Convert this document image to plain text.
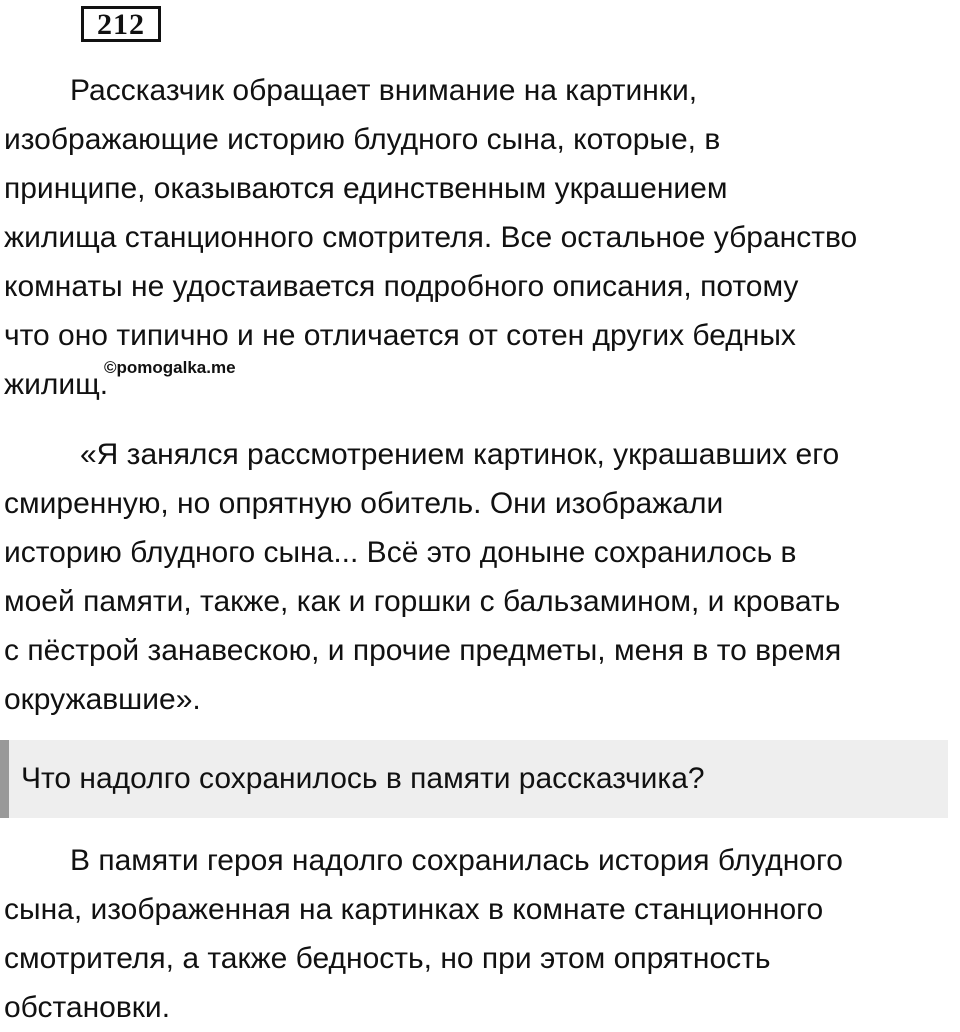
212
Рассказчик обращает внимание на картинки,
изображающие историю блудного сына, которые, в
принципе, оказываются единственным украшением
жилища станционного смотрителя. Все остальное убранство
комнаты не удостаивается подробного описания, потому
что оно типично и не отличается от сотен других бедных
жилищ.
©pomogalka.me
«Я занялся рассмотрением картинок, украшавших его
смиренную, но опрятную обитель. Они изображали
историю блудного сына... Всё это доныне сохранилось в
моей памяти, также, как и горшки с бальзамином, и кровать
с пёстрой занавескою, и прочие предметы, меня в то время
окружавшие».
Что надолго сохранилось в памяти рассказчика?
В памяти героя надолго сохранилась история блудного
сына, изображенная на картинках в комнате станционного
смотрителя, а также бедность, но при этом опрятность
обстановки.
